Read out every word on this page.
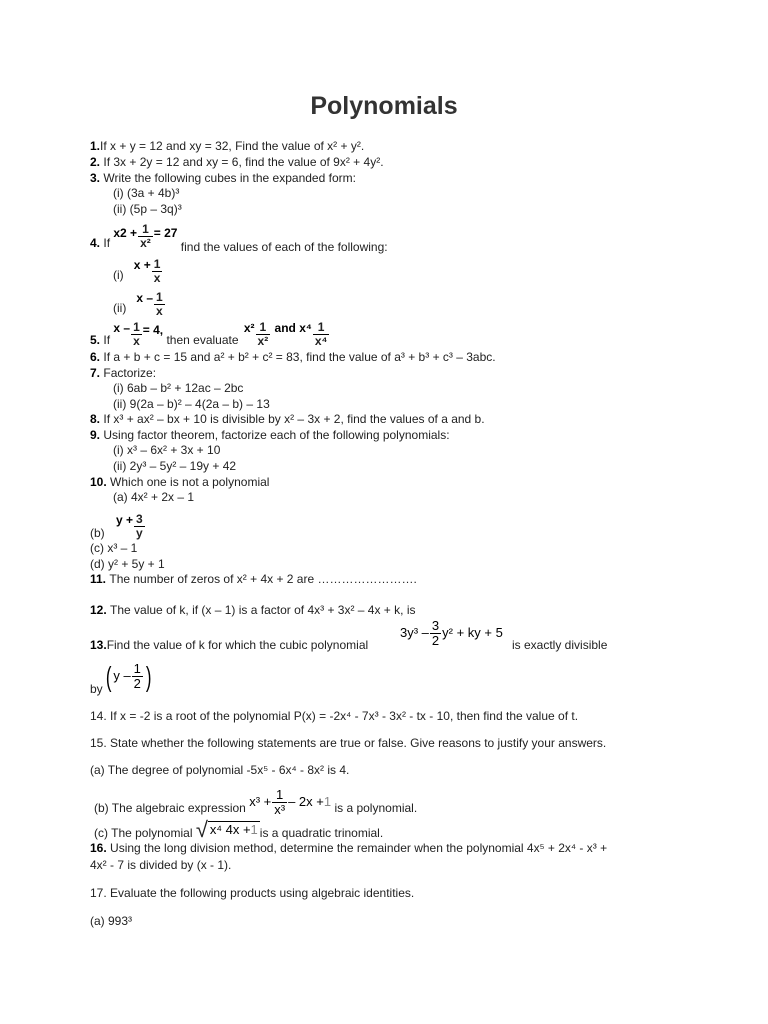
Polynomials
1.If x + y = 12 and xy = 32, Find the value of x² + y².
2. If 3x + 2y = 12 and xy = 6, find the value of 9x² + 4y².
3. Write the following cubes in the expanded form:
(i) (3a + 4b)³
(ii) (5p – 3q)³
4. If $x2 + \frac{1}{\text{x²}} = 27$ find the values of each of the following:
(i)   $x + \frac{1}{x}$
(ii)   x – $\frac{1}{x}$
5. If $x - \frac{1}{x} = 4$, then evaluate $x^2 \frac{1}{\text{x²}}$ and $x^4 \frac{1}{\text{x⁴}}$
6. If a + b + c = 15 and a² + b² + c² = 83, find the value of a³ + b³ + c³ – 3abc.
7. Factorize:
(i) 6ab – b² + 12ac – 2bc
(ii) 9(2a – b)² – 4(2a – b) – 13
8. If x³ + ax² – bx + 10 is divisible by x² – 3x + 2, find the values of a and b.
9. Using factor theorem, factorize each of the following polynomials:
(i) x³ – 6x² + 3x + 10
(ii) 2y³ – 5y² – 19y + 42
10. Which one is not a polynomial
(a) 4x² + 2x – 1
$y + \frac{3}{y}$
(b)
(c) x³ – 1
(d) y² + 5y + 1
11. The number of zeros of x² + 4x + 2 are …………………….
12. The value of k, if (x – 1) is a factor of 4x³ + 3x² – 4x + k, is
13.Find the value of k for which the cubic polynomial
$3y^3 - \frac{3}{2} y^2$ + ky + 5
is exactly divisible
by ( y – $\frac{1}{2}$ )
14. If x = -2 is a root of the polynomial P(x) = -2x⁴ - 7x³ - 3x² - tx - 10, then find the value of t.
15. State whether the following statements are true or false. Give reasons to justify your answers.
(a) The degree of polynomial -5x⁵ - 6x⁴ - 8x² is 4.
(b) The algebraic expression $x^3 + \frac{1}{\text{x³}} - 2x +1$ is a polynomial.
(c) The polynomial √ x⁴ 4x +1 is a quadratic trinomial.
16. Using the long division method, determine the remainder when the polynomial 4x⁵ + 2x⁴ - x³ +
4x² - 7 is divided by (x - 1).
17. Evaluate the following products using algebraic identities.
(a) 993³
